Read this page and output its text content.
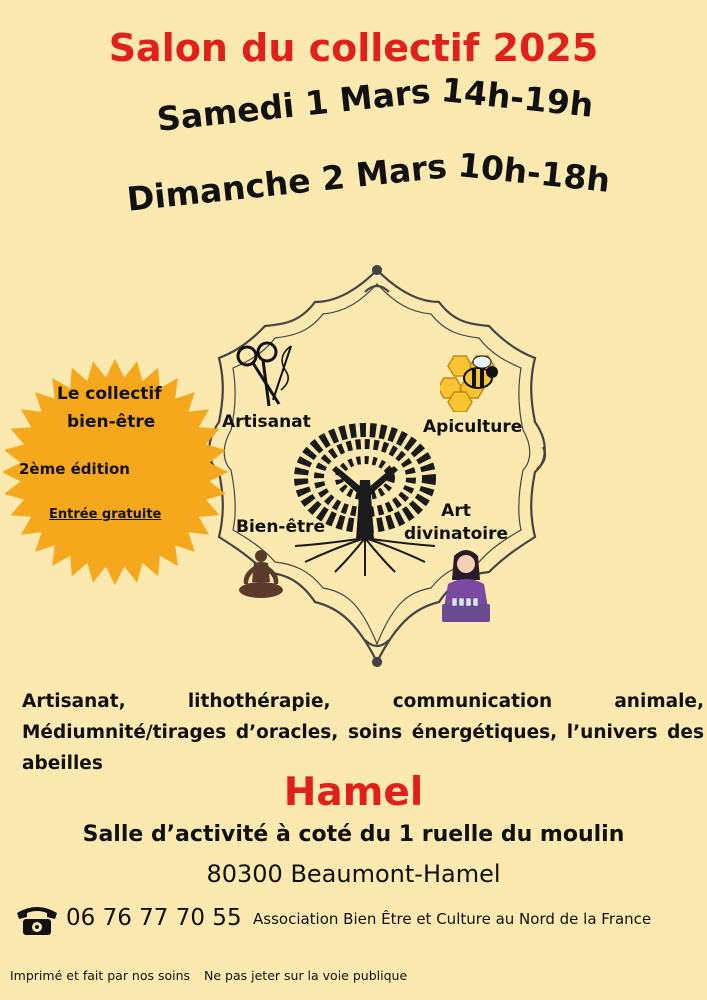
Salon du collectif 2025
Samedi 1 Mars 14h-19h
Dimanche 2 Mars 10h-18h
Artisanat	Apiculture
Bien-être
Art
divinatoire
Le collectif
bien-être
2ème édition
Entrée gratuite
Artisanat, lithothérapie, communication animale, Médiumnité/tirages d’oracles, soins énergétiques, l’univers des abeilles
Hamel
Salle d’activité à coté du 1 ruelle du moulin
80300 Beaumont-Hamel
06 76 77 70 55 Association Bien Être et Culture au Nord de la France
Imprimé et fait par nos soins Ne pas jeter sur la voie publique
